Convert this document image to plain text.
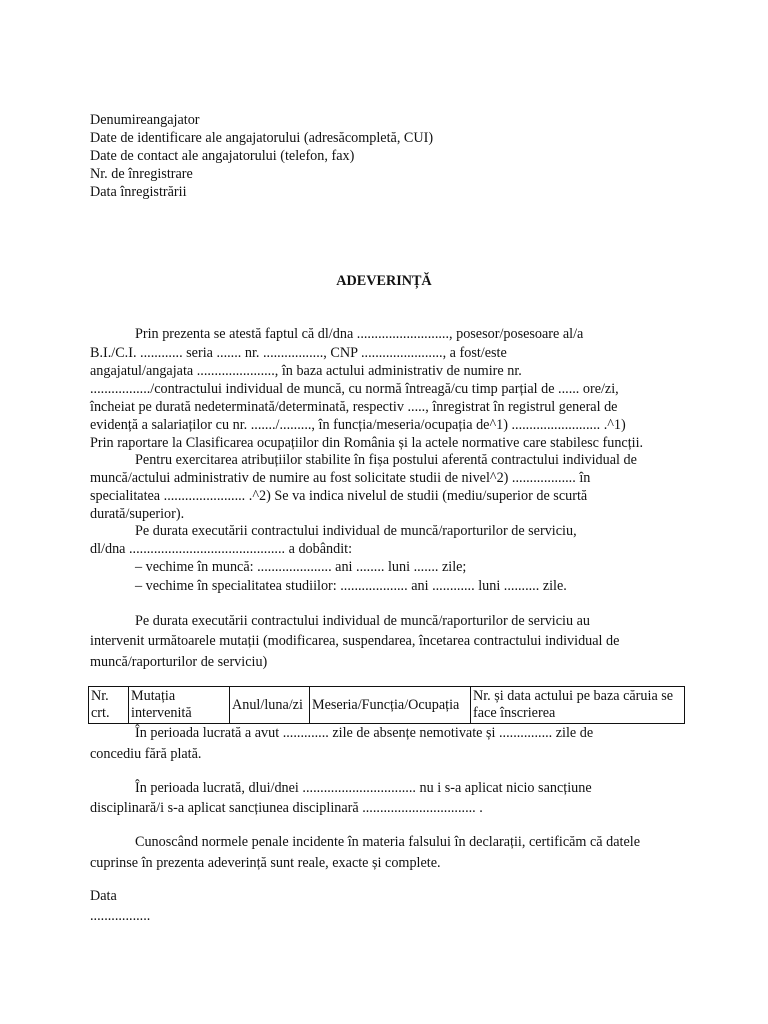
Denumireangajator
Date de identificare ale angajatorului (adresăcompletă, CUI)
Date de contact ale angajatorului (telefon, fax)
Nr. de înregistrare
Data înregistrării
ADEVERINȚĂ
Prin prezenta se atestă faptul că dl/dna .........................., posesor/posesoare al/a
B.I./C.I. ............ seria ....... nr. ................., CNP ......................., a fost/este
angajatul/angajata ......................, în baza actului administrativ de numire nr.
................./contractului individual de muncă, cu normă întreagă/cu timp parțial de ...... ore/zi,
încheiat pe durată nedeterminată/determinată, respectiv ....., înregistrat în registrul general de
evidență a salariaților cu nr. ......./........., în funcția/meseria/ocupația de^1) ......................... .^1)
Prin raportare la Clasificarea ocupațiilor din România și la actele normative care stabilesc funcții.
Pentru exercitarea atribuțiilor stabilite în fișa postului aferentă contractului individual de
muncă/actului administrativ de numire au fost solicitate studii de nivel^2) .................. în
specialitatea ....................... .^2) Se va indica nivelul de studii (mediu/superior de scurtă
durată/superior).
Pe durata executării contractului individual de muncă/raporturilor de serviciu,
dl/dna ............................................ a dobândit:
– vechime în muncă: ..................... ani ........ luni ....... zile;
– vechime în specialitatea studiilor: ................... ani ............ luni .......... zile.
Pe durata executării contractului individual de muncă/raporturilor de serviciu au
intervenit următoarele mutații (modificarea, suspendarea, încetarea contractului individual de
muncă/raporturilor de serviciu)
Nr. crt.	Mutația intervenită	Anul/luna/zi	Meseria/Funcția/Ocupația	Nr. și data actului pe baza căruia se face înscrierea
În perioada lucrată a avut ............. zile de absențe nemotivate și ............... zile de
concediu fără plată.
În perioada lucrată, dlui/dnei ................................ nu i s-a aplicat nicio sancțiune
disciplinară/i s-a aplicat sancțiunea disciplinară ................................ .
Cunoscând normele penale incidente în materia falsului în declarații, certificăm că datele
cuprinse în prezenta adeverință sunt reale, exacte și complete.
Data
.................
